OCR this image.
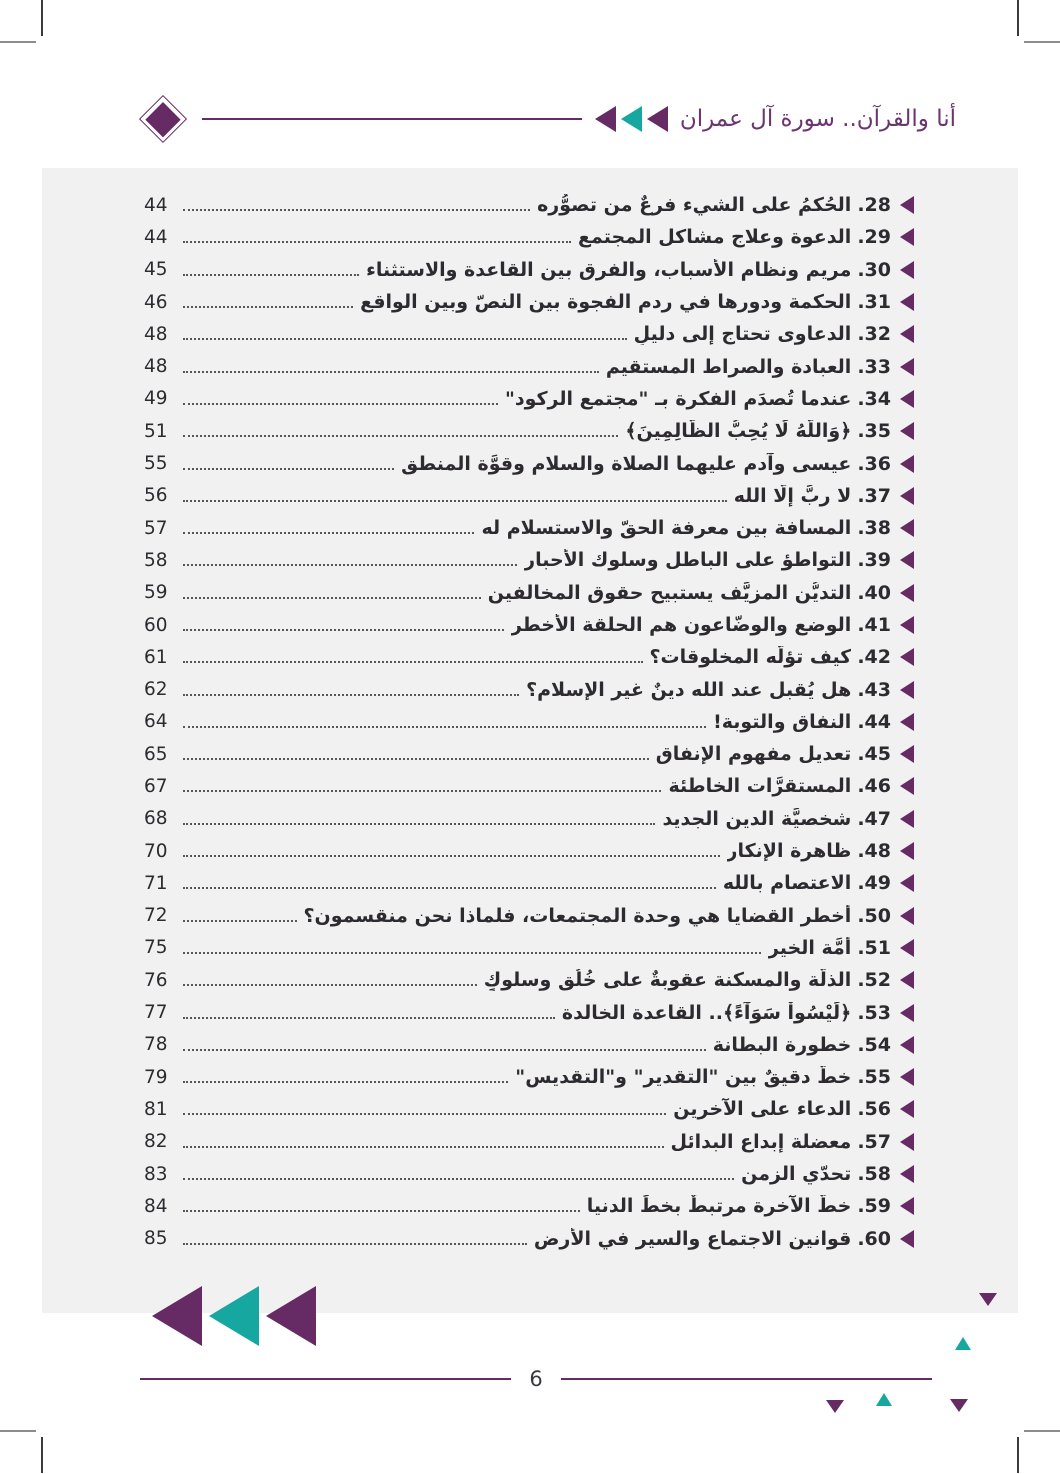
أنا والقرآن.. سورة آل عمران
28.
الحُكمُ على الشيء فرعٌ من تصوُّره
44
29.
الدعوة وعلاج مشاكل المجتمع
44
30.
مريم ونظام الأسباب، والفرق بين القاعدة والاستثناء
45
31.
الحكمة ودورها في ردم الفجوة بين النصّ وبين الواقع
46
32.
الدعاوى تحتاج إلى دليلٍ
48
33.
العبادة والصراط المستقيم
48
34.
عندما تُصدَم الفكرة بـ "مجتمع الركود"
49
35.
﴿وَاللَّهُ لَا يُحِبُّ الظَّالِمِينَ﴾
51
36.
عيسى وآدم عليهما الصلاة والسلام وقوَّة المنطق
55
37.
لا ربَّ إلّا الله
56
38.
المسافة بين معرفة الحقّ والاستسلام له
57
39.
التواطؤ على الباطل وسلوك الأحبار
58
40.
التديُّن المزيَّف يستبيح حقوق المخالفين
59
41.
الوضع والوضّاعون هم الحلقة الأخطر
60
42.
كيف تؤلّه المخلوقات؟
61
43.
هل يُقبل عند الله دينٌ غير الإسلام؟
62
44.
النفاق والتوبة!
64
45.
تعديل مفهوم الإنفاق
65
46.
المستقرَّات الخاطئة
67
47.
شخصيَّة الدين الجديد
68
48.
ظاهرة الإنكار
70
49.
الاعتصام بالله
71
50.
أخطر القضايا هي وحدة المجتمعات، فلماذا نحن منقسمون؟
72
51.
أمَّة الخير
75
52.
الذلّة والمسكنة عقوبةٌ على خُلُقٍ وسلوكٍ
76
53.
﴿لَيْسُواْ سَوَآءً﴾.. القاعدة الخالدة
77
54.
خطورة البطانة
78
55.
خطٌّ دقيقٌ بين "التقدير" و"التقديس"
79
56.
الدعاء على الآخرين
81
57.
معضلة إبداع البدائل
82
58.
تحدّي الزمن
83
59.
خطُّ الآخرة مرتبطٌ بخطِّ الدنيا
84
60.
قوانين الاجتماع والسير في الأرض
85
6
